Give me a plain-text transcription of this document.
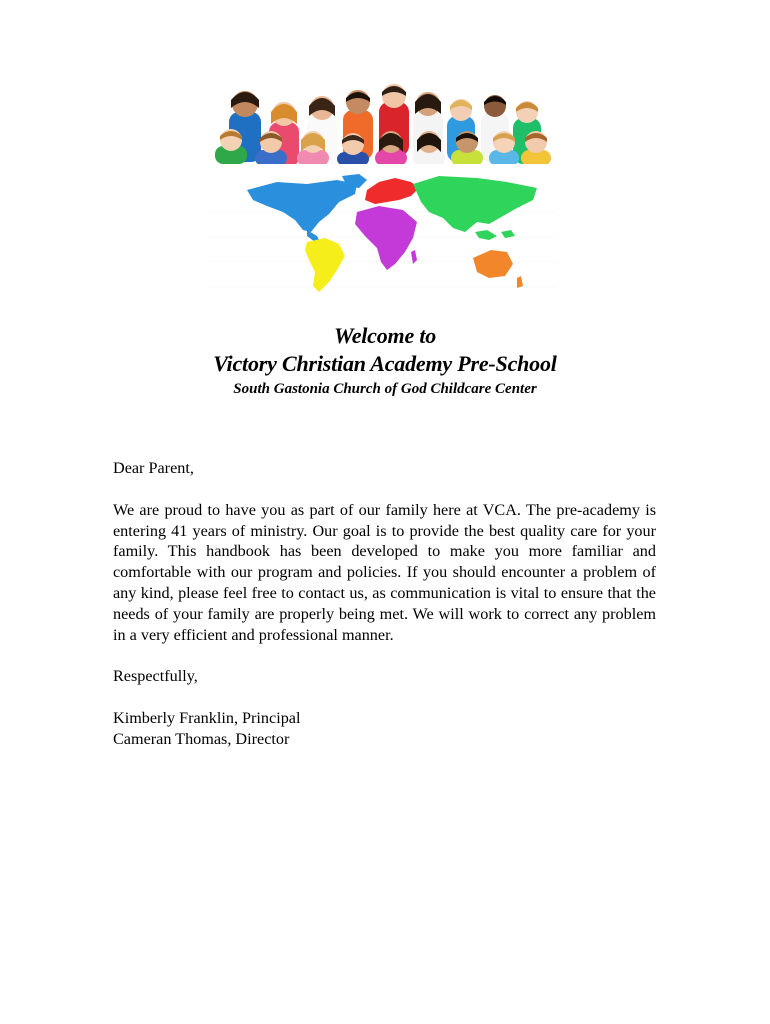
Welcome to
Victory Christian Academy Pre-School
South Gastonia Church of God Childcare Center

Dear Parent,

We are proud to have you as part of our family here at VCA. The pre-academy is entering 41 years of ministry. Our goal is to provide the best quality care for your family. This handbook has been developed to make you more familiar and comfortable with our program and policies. If you should encounter a problem of any kind, please feel free to contact us, as communication is vital to ensure that the needs of your family are properly being met. We will work to correct any problem in a very efficient and professional manner.

Respectfully,

Kimberly Franklin, Principal

Cameran Thomas, Director
